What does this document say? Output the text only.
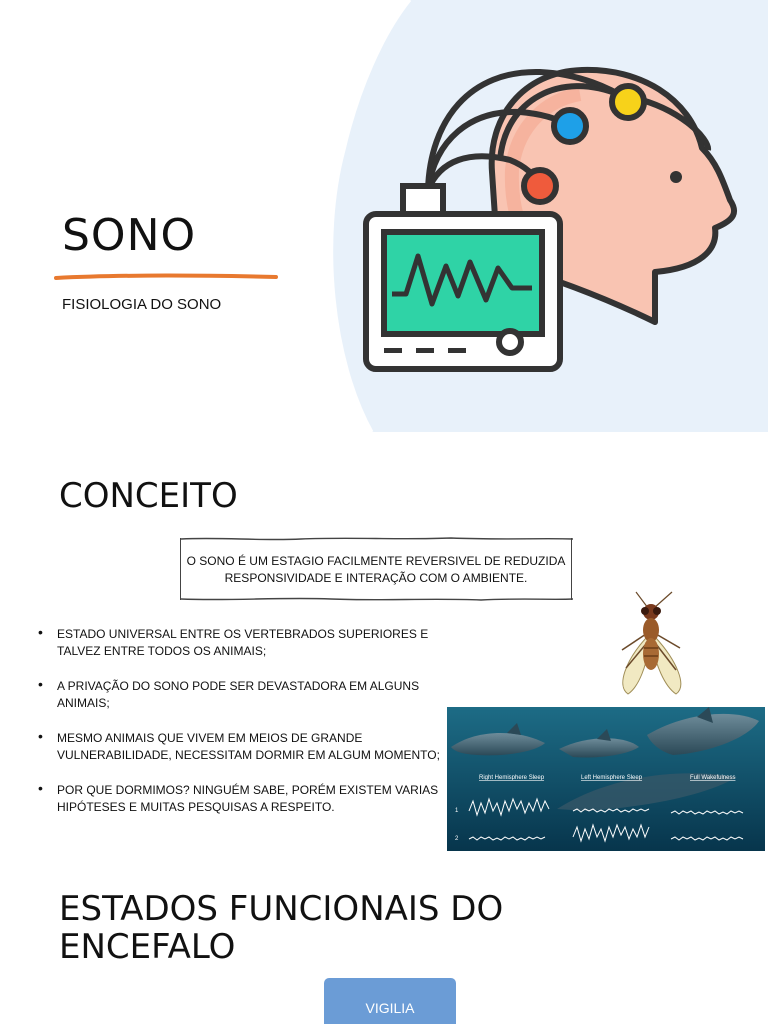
SONO

FISIOLOGIA DO SONO

CONCEITO

O SONO É UM ESTAGIO FACILMENTE REVERSIVEL DE REDUZIDA RESPONSIVIDADE E INTERAÇÃO COM O AMBIENTE.

• ESTADO UNIVERSAL ENTRE OS VERTEBRADOS SUPERIORES E TALVEZ ENTRE TODOS OS ANIMAIS;
• A PRIVAÇÃO DO SONO PODE SER DEVASTADORA EM ALGUNS ANIMAIS;
• MESMO ANIMAIS QUE VIVEM EM MEIOS DE GRANDE VULNERABILIDADE, NECESSITAM DORMIR EM ALGUM MOMENTO;
• POR QUE DORMIMOS? NINGUÉM SABE, PORÉM EXISTEM VARIAS HIPÓTESES E MUITAS PESQUISAS A RESPEITO.
Right Hemisphere Sleep	Left Hemisphere Sleep	Full Wakefulness
1
2
ESTADOS FUNCIONAIS DO ENCEFALO
VIGILIA
